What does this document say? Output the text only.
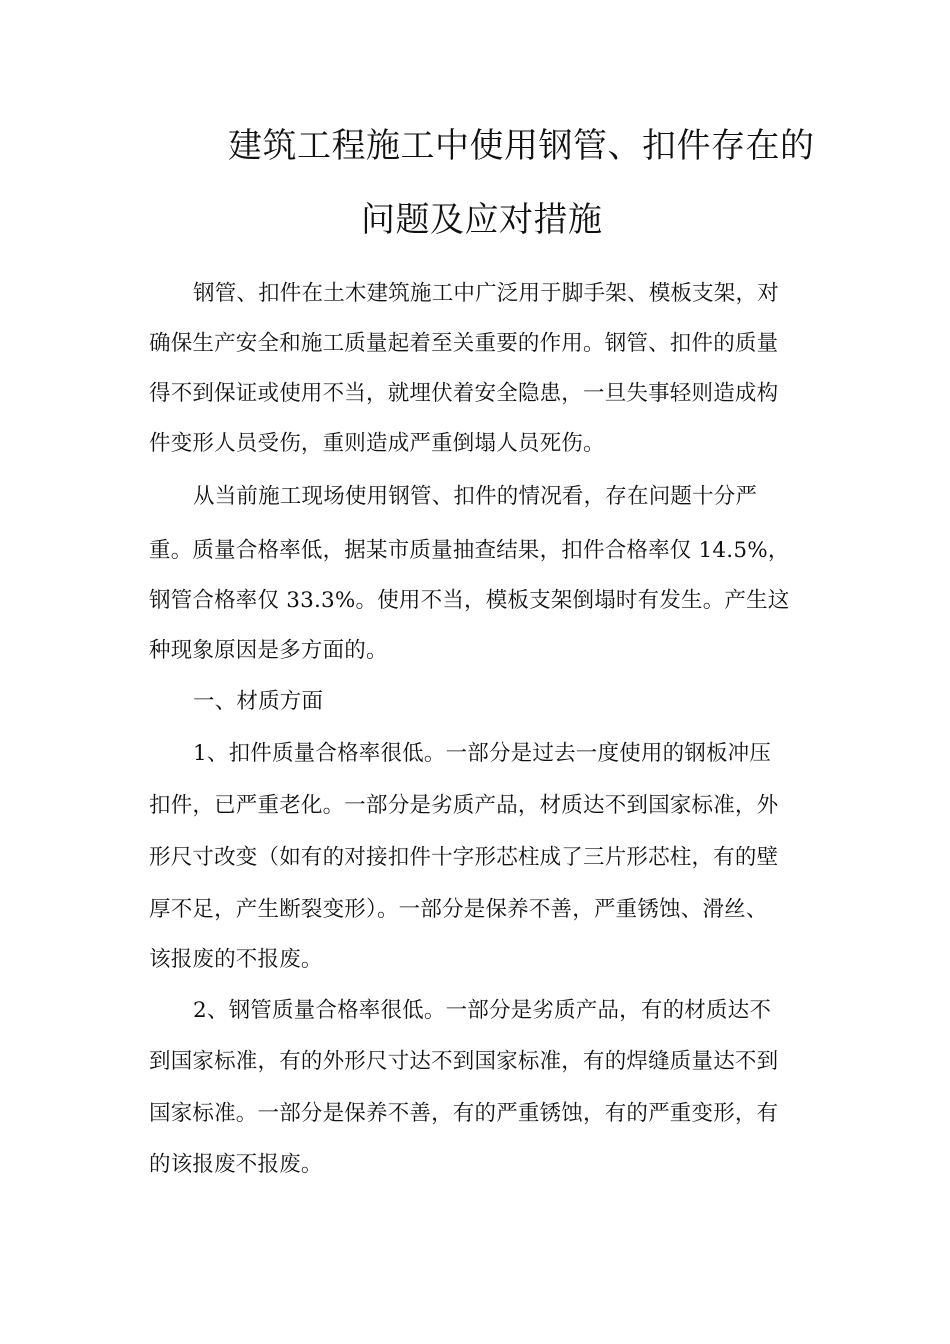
建筑工程施工中使用钢管、扣件存在的
问题及应对措施
钢管、扣件在土木建筑施工中广泛用于脚手架、模板支架，对
确保生产安全和施工质量起着至关重要的作用。钢管、扣件的质量
得不到保证或使用不当，就埋伏着安全隐患，一旦失事轻则造成构
件变形人员受伤，重则造成严重倒塌人员死伤。
从当前施工现场使用钢管、扣件的情况看，存在问题十分严
重。质量合格率低，据某市质量抽查结果，扣件合格率仅 14.5%，
钢管合格率仅 33.3%。使用不当，模板支架倒塌时有发生。产生这
种现象原因是多方面的。
一、材质方面
1、扣件质量合格率很低。一部分是过去一度使用的钢板冲压
扣件，已严重老化。一部分是劣质产品，材质达不到国家标准，外
形尺寸改变（如有的对接扣件十字形芯柱成了三片形芯柱，有的壁
厚不足，产生断裂变形）。一部分是保养不善，严重锈蚀、滑丝、
该报废的不报废。
2、钢管质量合格率很低。一部分是劣质产品，有的材质达不
到国家标准，有的外形尺寸达不到国家标准，有的焊缝质量达不到
国家标准。一部分是保养不善，有的严重锈蚀，有的严重变形，有
的该报废不报废。
